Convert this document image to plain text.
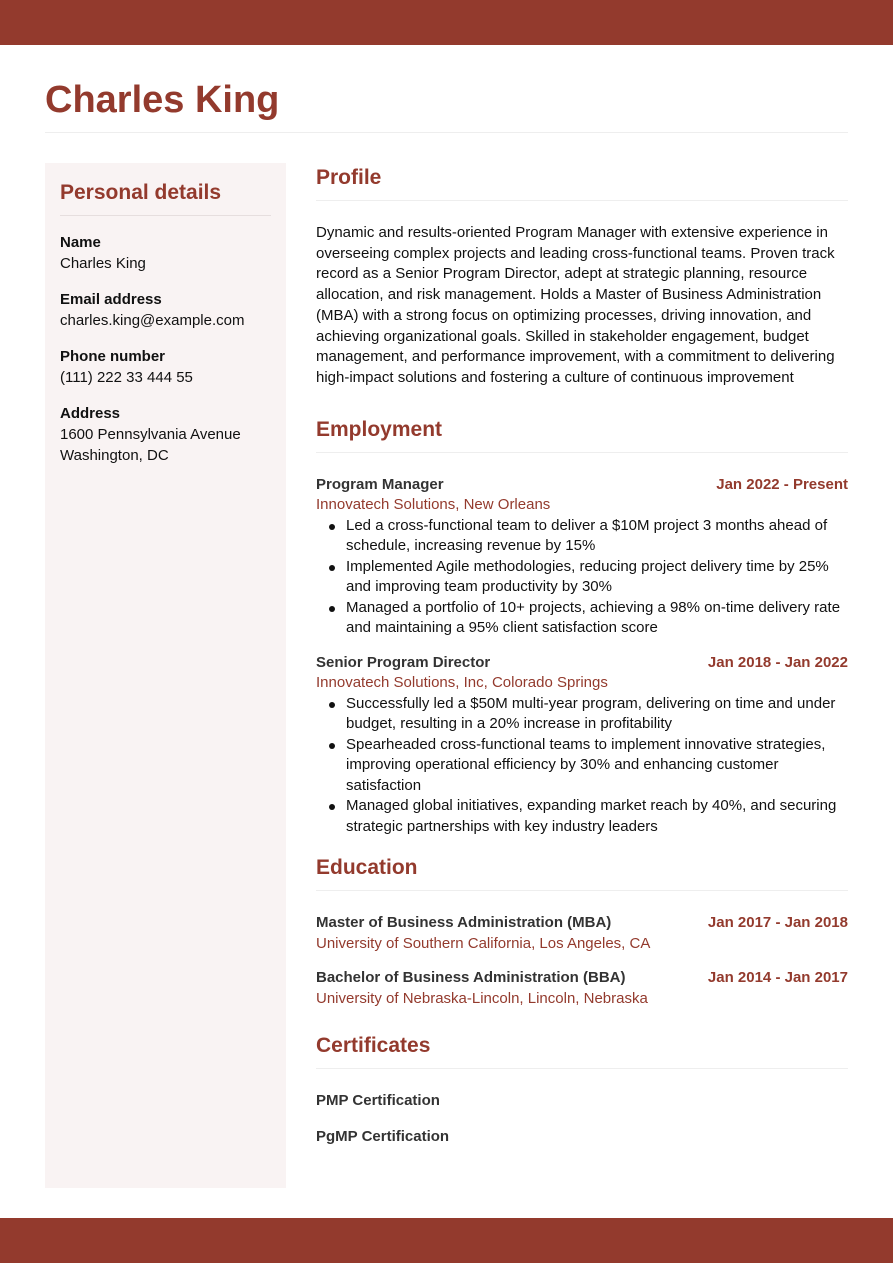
Charles King
Personal details
Name
Charles King
Email address
charles.king@example.com
Phone number
(111) 222 33 444 55
Address
1600 Pennsylvania Avenue
Washington, DC
Profile

Dynamic and results-oriented Program Manager with extensive experience in overseeing complex projects and leading cross-functional teams. Proven track record as a Senior Program Director, adept at strategic planning, resource allocation, and risk management. Holds a Master of Business Administration (MBA) with a strong focus on optimizing processes, driving innovation, and achieving organizational goals. Skilled in stakeholder engagement, budget management, and performance improvement, with a commitment to delivering high-impact solutions and fostering a culture of continuous improvement

Employment
Program Manager	Jan 2022 - Present
Innovatech Solutions, New Orleans
Led a cross-functional team to deliver a $10M project 3 months ahead of schedule, increasing revenue by 15%
Implemented Agile methodologies, reducing project delivery time by 25% and improving team productivity by 30%
Managed a portfolio of 10+ projects, achieving a 98% on-time delivery rate and maintaining a 95% client satisfaction score
Senior Program Director	Jan 2018 - Jan 2022
Innovatech Solutions, Inc, Colorado Springs
Successfully led a $50M multi-year program, delivering on time and under budget, resulting in a 20% increase in profitability
Spearheaded cross-functional teams to implement innovative strategies, improving operational efficiency by 30% and enhancing customer satisfaction
Managed global initiatives, expanding market reach by 40%, and securing strategic partnerships with key industry leaders
Education
Master of Business Administration (MBA)	Jan 2017 - Jan 2018
University of Southern California, Los Angeles, CA
Bachelor of Business Administration (BBA)	Jan 2014 - Jan 2017
University of Nebraska-Lincoln, Lincoln, Nebraska
Certificates
PMP Certification
PgMP Certification
